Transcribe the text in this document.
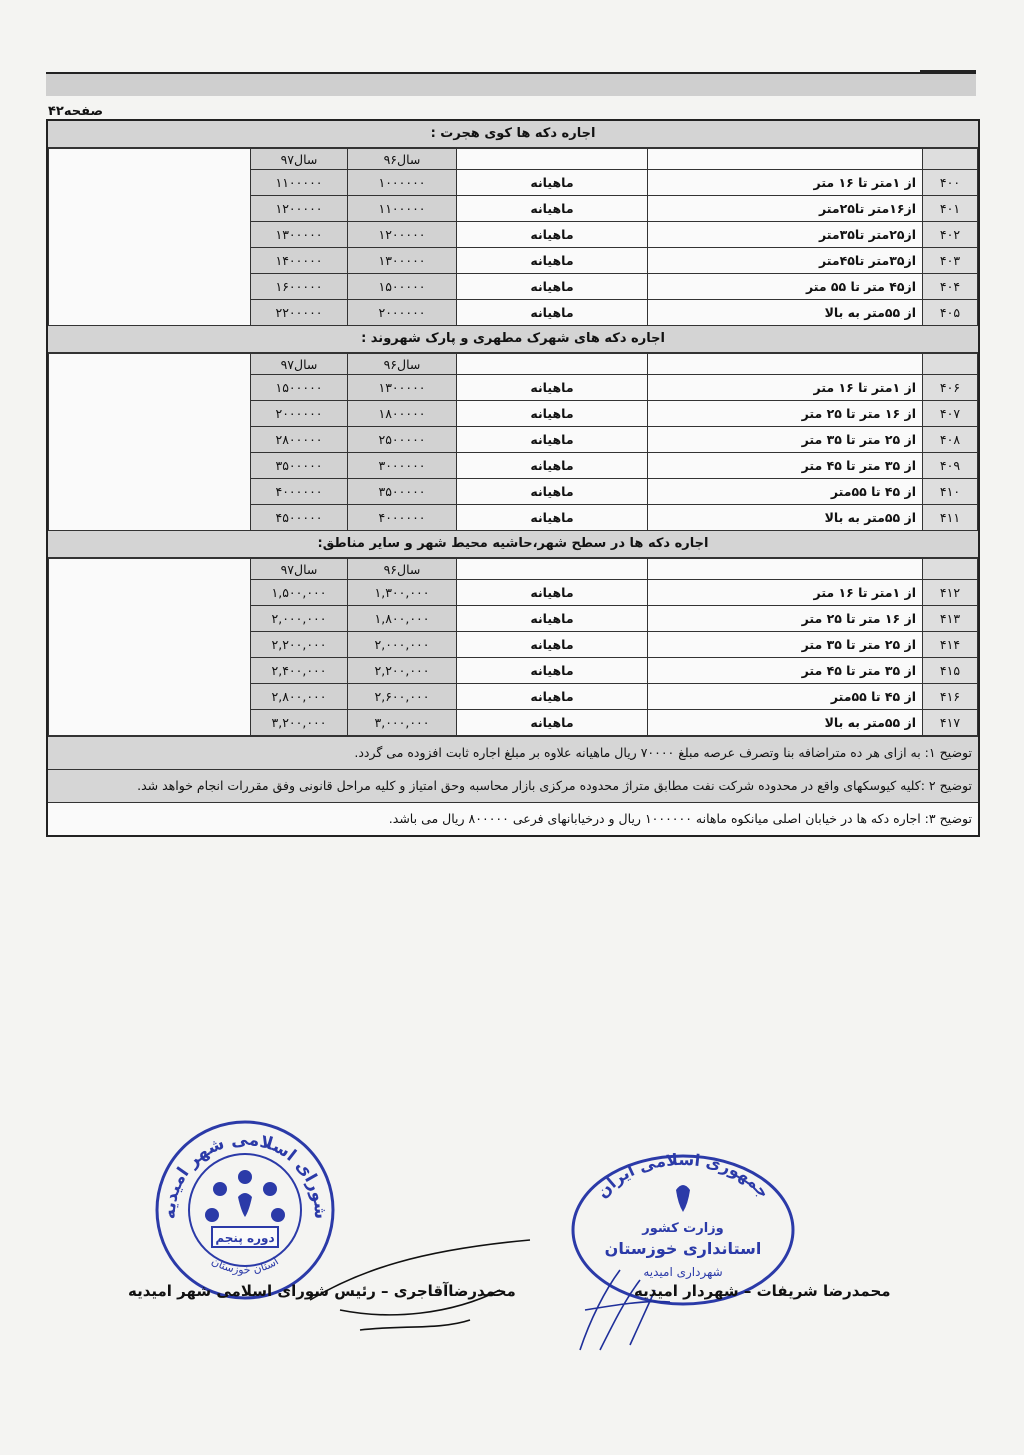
صفحه۴۲
اجاره دکه ها کوی هجرت :
			سال۹۶	سال۹۷	
۴۰۰	از ۱متر تا ۱۶ متر	ماهیانه	۱۰۰۰۰۰۰	۱۱۰۰۰۰۰	
۴۰۱	از۱۶متر تا۲۵متر	ماهیانه	۱۱۰۰۰۰۰	۱۲۰۰۰۰۰	
۴۰۲	از۲۵متر تا۳۵متر	ماهیانه	۱۲۰۰۰۰۰	۱۳۰۰۰۰۰	
۴۰۳	از۳۵متر تا۴۵متر	ماهیانه	۱۳۰۰۰۰۰	۱۴۰۰۰۰۰	
۴۰۴	از۴۵ متر تا ۵۵ متر	ماهیانه	۱۵۰۰۰۰۰	۱۶۰۰۰۰۰	
۴۰۵	از ۵۵متر به بالا	ماهیانه	۲۰۰۰۰۰۰	۲۲۰۰۰۰۰	
اجاره دکه های شهرک مطهری و پارک شهروند :
			سال۹۶	سال۹۷	
۴۰۶	از ۱متر تا ۱۶ متر	ماهیانه	۱۳۰۰۰۰۰	۱۵۰۰۰۰۰	
۴۰۷	از ۱۶ متر تا ۲۵ متر	ماهیانه	۱۸۰۰۰۰۰	۲۰۰۰۰۰۰	
۴۰۸	از ۲۵ متر تا ۳۵ متر	ماهیانه	۲۵۰۰۰۰۰	۲۸۰۰۰۰۰	
۴۰۹	از ۳۵ متر تا ۴۵ متر	ماهیانه	۳۰۰۰۰۰۰	۳۵۰۰۰۰۰	
۴۱۰	از ۴۵ تا ۵۵متر	ماهیانه	۳۵۰۰۰۰۰	۴۰۰۰۰۰۰	
۴۱۱	از ۵۵متر به بالا	ماهیانه	۴۰۰۰۰۰۰	۴۵۰۰۰۰۰	
اجاره دکه ها در سطح شهر،حاشیه محیط شهر و سایر مناطق:
			سال۹۶	سال۹۷	
۴۱۲	از ۱متر تا ۱۶ متر	ماهیانه	۱,۳۰۰,۰۰۰	۱,۵۰۰,۰۰۰	
۴۱۳	از ۱۶ متر تا ۲۵ متر	ماهیانه	۱,۸۰۰,۰۰۰	۲,۰۰۰,۰۰۰	
۴۱۴	از ۲۵ متر تا ۳۵ متر	ماهیانه	۲,۰۰۰,۰۰۰	۲,۲۰۰,۰۰۰	
۴۱۵	از ۳۵ متر تا ۴۵ متر	ماهیانه	۲,۲۰۰,۰۰۰	۲,۴۰۰,۰۰۰	
۴۱۶	از ۴۵ تا ۵۵متر	ماهیانه	۲,۶۰۰,۰۰۰	۲,۸۰۰,۰۰۰	
۴۱۷	از ۵۵متر به بالا	ماهیانه	۳,۰۰۰,۰۰۰	۳,۲۰۰,۰۰۰	
توضیح ۱: به ازای هر ده متراضافه بنا وتصرف عرصه مبلغ ۷۰۰۰۰ ریال ماهیانه علاوه بر مبلغ اجاره ثابت افزوده می گردد.
توضیح ۲ :کلیه کیوسکهای واقع در محدوده شرکت نفت مطابق متراژ محدوده مرکزی بازار محاسبه وحق امتیاز و کلیه مراحل قانونی وفق مقررات انجام خواهد شد.
توضیح ۳: اجاره دکه ها در خیابان اصلی میانکوه ماهانه ۱۰۰۰۰۰۰ ریال و درخیابانهای فرعی ۸۰۰۰۰۰ ریال می باشد.
شورای اسلامی شهر امیدیه
استان خوزستان
دوره پنجم
جمهوری اسلامی ایران
وزارت کشور
استانداری خوزستان
شهرداری امیدیه
محمدرضاآقاجری – رئیس شورای اسلامی شهر امیدیه	محمدرضا شریفات – شهردار امیدیه
